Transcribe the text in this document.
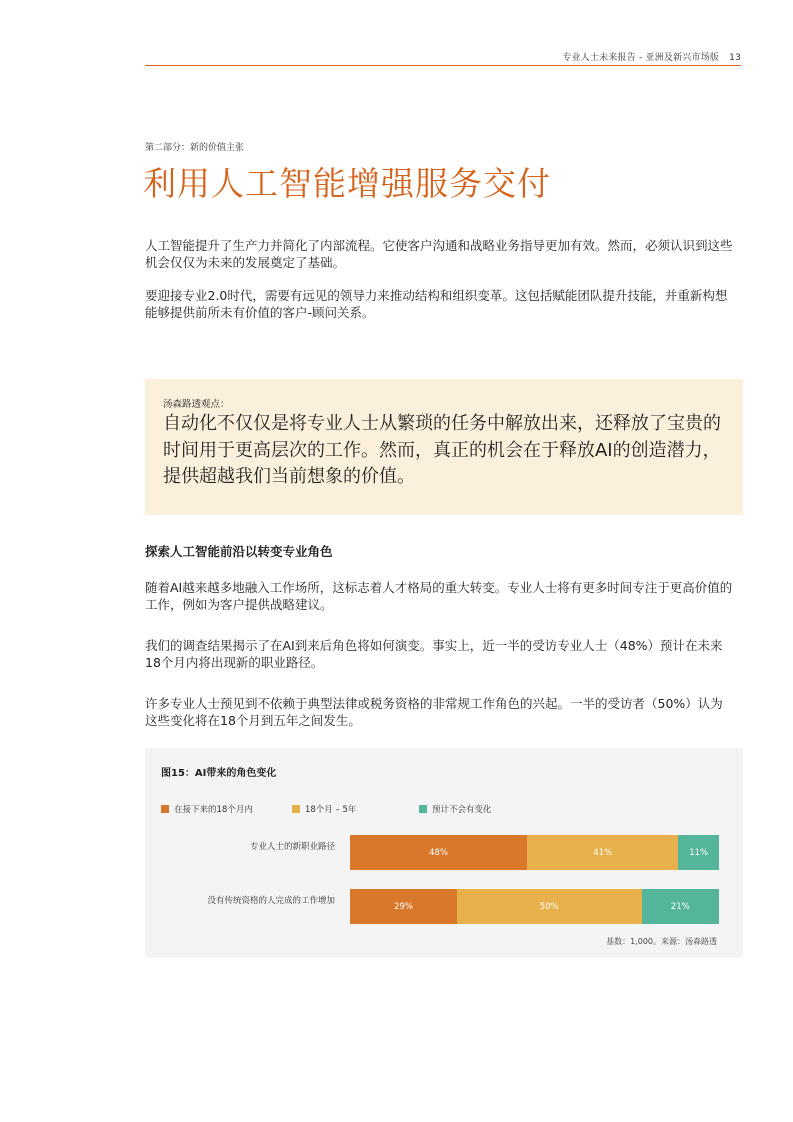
专业人士未来报告 - 亚洲及新兴市场版 13
第二部分：新的价值主张
利用人工智能增强服务交付

人工智能提升了生产力并简化了内部流程。它使客户沟通和战略业务指导更加有效。然而，必须认识到这些机会仅仅为未来的发展奠定了基础。

要迎接专业2.0时代，需要有远见的领导力来推动结构和组织变革。这包括赋能团队提升技能，并重新构想能够提供前所未有价值的客户-顾问关系。

汤森路透观点：

自动化不仅仅是将专业人士从繁琐的任务中解放出来，还释放了宝贵的时间用于更高层次的工作。然而，真正的机会在于释放AI的创造潜力，提供超越我们当前想象的价值。

探索人工智能前沿以转变专业角色

随着AI越来越多地融入工作场所，这标志着人才格局的重大转变。专业人士将有更多时间专注于更高价值的工作，例如为客户提供战略建议。

我们的调查结果揭示了在AI到来后角色将如何演变。事实上，近一半的受访专业人士（48%）预计在未来18个月内将出现新的职业路径。

许多专业人士预见到不依赖于典型法律或税务资格的非常规工作角色的兴起。一半的受访者（50%）认为这些变化将在18个月到五年之间发生。

图15：AI带来的角色变化
在接下来的18个月内	18个月 – 5年	预计不会有变化
专业人士的新职业路径
48%	41%	11%
没有传统资格的人完成的工作增加
29%	50%	21%
基数：1,000。来源：汤森路透
